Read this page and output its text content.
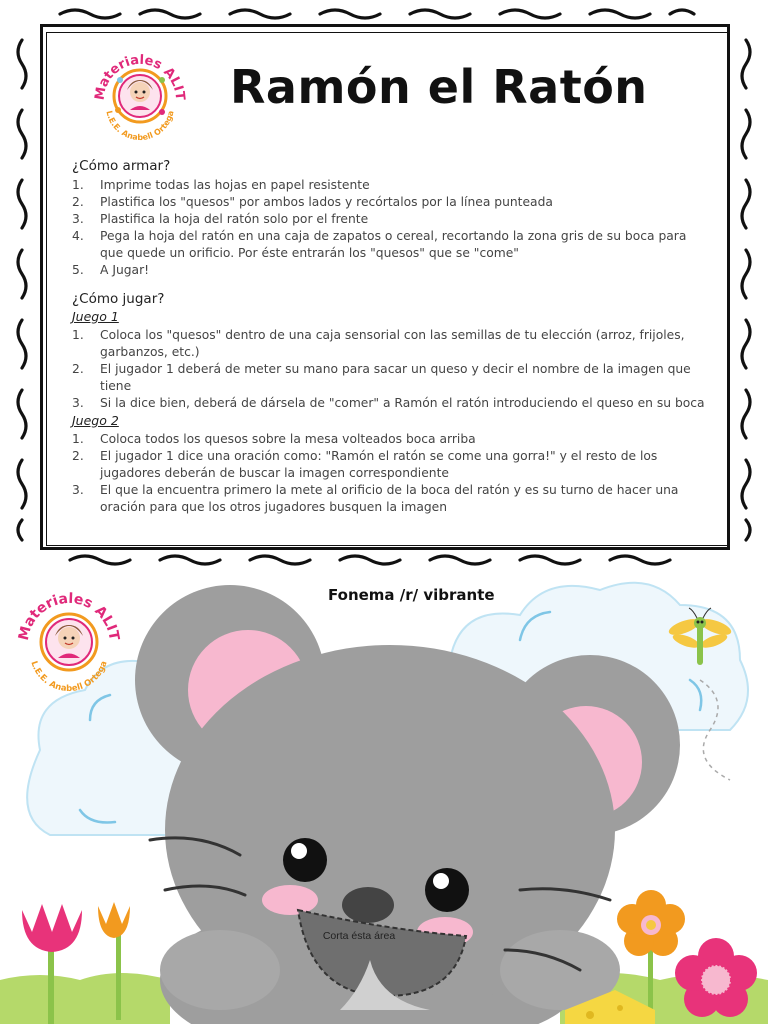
Materiales ALIT
L.E.E. Anabell Ortega Ramón el Ratón
¿Cómo armar?
1. Imprime todas las hojas en papel resistente
2. Plastifica los "quesos" por ambos lados y recórtalos por la línea punteada
3. Plastifica la hoja del ratón solo por el frente
4. Pega la hoja del ratón en una caja de zapatos o cereal, recortando la zona gris de su boca para que quede un orificio. Por éste entrarán los "quesos" que se "come"
5. A Jugar!
¿Cómo jugar?
Juego 1
1. Coloca los "quesos" dentro de una caja sensorial con las semillas de tu elección (arroz, frijoles, garbanzos, etc.)
2. El jugador 1 deberá de meter su mano para sacar un queso y decir el nombre de la imagen que tiene
3. Si la dice bien, deberá de dársela de "comer" a Ramón el ratón introduciendo el queso en su boca
Juego 2
1. Coloca todos los quesos sobre la mesa volteados boca arriba
2. El jugador 1 dice una oración como: "Ramón el ratón se come una gorra!" y el resto de los jugadores deberán de buscar la imagen correspondiente
3. El que la encuentra primero la mete al orificio de la boca del ratón y es su turno de hacer una oración para que los otros jugadores busquen la imagen
Fonema /r/ vibrante
Materiales ALIT
L.E.E. Anabell Ortega
Corta ésta área
